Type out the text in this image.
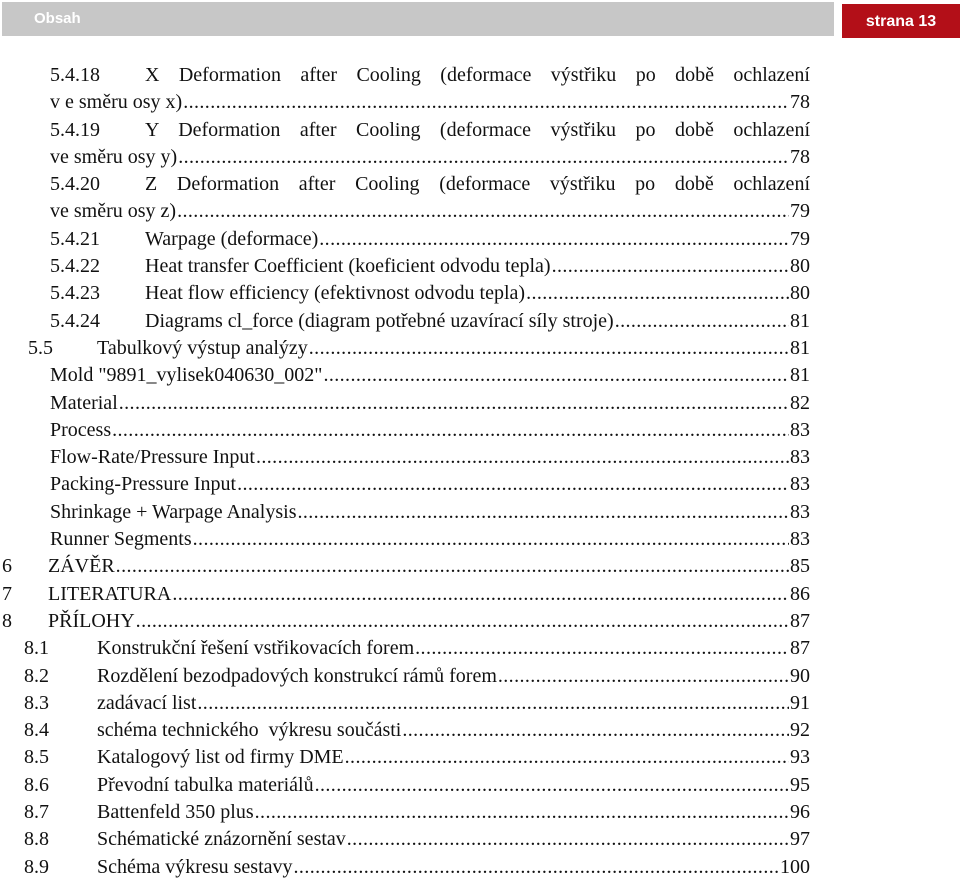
Obsah	strana 13
5.4.18 X Deformation after Cooling (deformace výstřiku po době ochlazení
v e směru osy x) .....	78
5.4.19 Y Deformation after Cooling (deformace výstřiku po době ochlazení
ve směru osy y) .....	78
5.4.20 Z Deformation after Cooling (deformace výstřiku po době ochlazení
ve směru osy z) .....	79
5.4.21 Warpage (deformace) .....	79
5.4.22 Heat transfer Coefficient (koeficient odvodu tepla) .....	80
5.4.23 Heat flow efficiency (efektivnost odvodu tepla) .....	80
5.4.24 Diagrams cl_force (diagram potřebné uzavírací síly stroje) .....	81
5.5 Tabulkový výstup analýzy .....	81
Mold "9891_vylisek040630_002" .....	81
Material .....	82
Process .....	83
Flow-Rate/Pressure Input .....	83
Packing-Pressure Input .....	83
Shrinkage + Warpage Analysis .....	83
Runner Segments .....	83
6 ZÁVĚR .....	85
7 LITERATURA .....	86
8 PŘÍLOHY .....	87
8.1 Konstrukční řešení vstřikovacích forem .....	87
8.2 Rozdělení bezodpadových konstrukcí rámů forem .....	90
8.3 zadávací list .....	91
8.4 schéma technického  výkresu součásti .....	92
8.5 Katalogový list od firmy DME .....	93
8.6 Převodní tabulka materiálů .....	95
8.7 Battenfeld 350 plus .....	96
8.8 Schématické znázornění sestav .....	97
8.9 Schéma výkresu sestavy .....	100
